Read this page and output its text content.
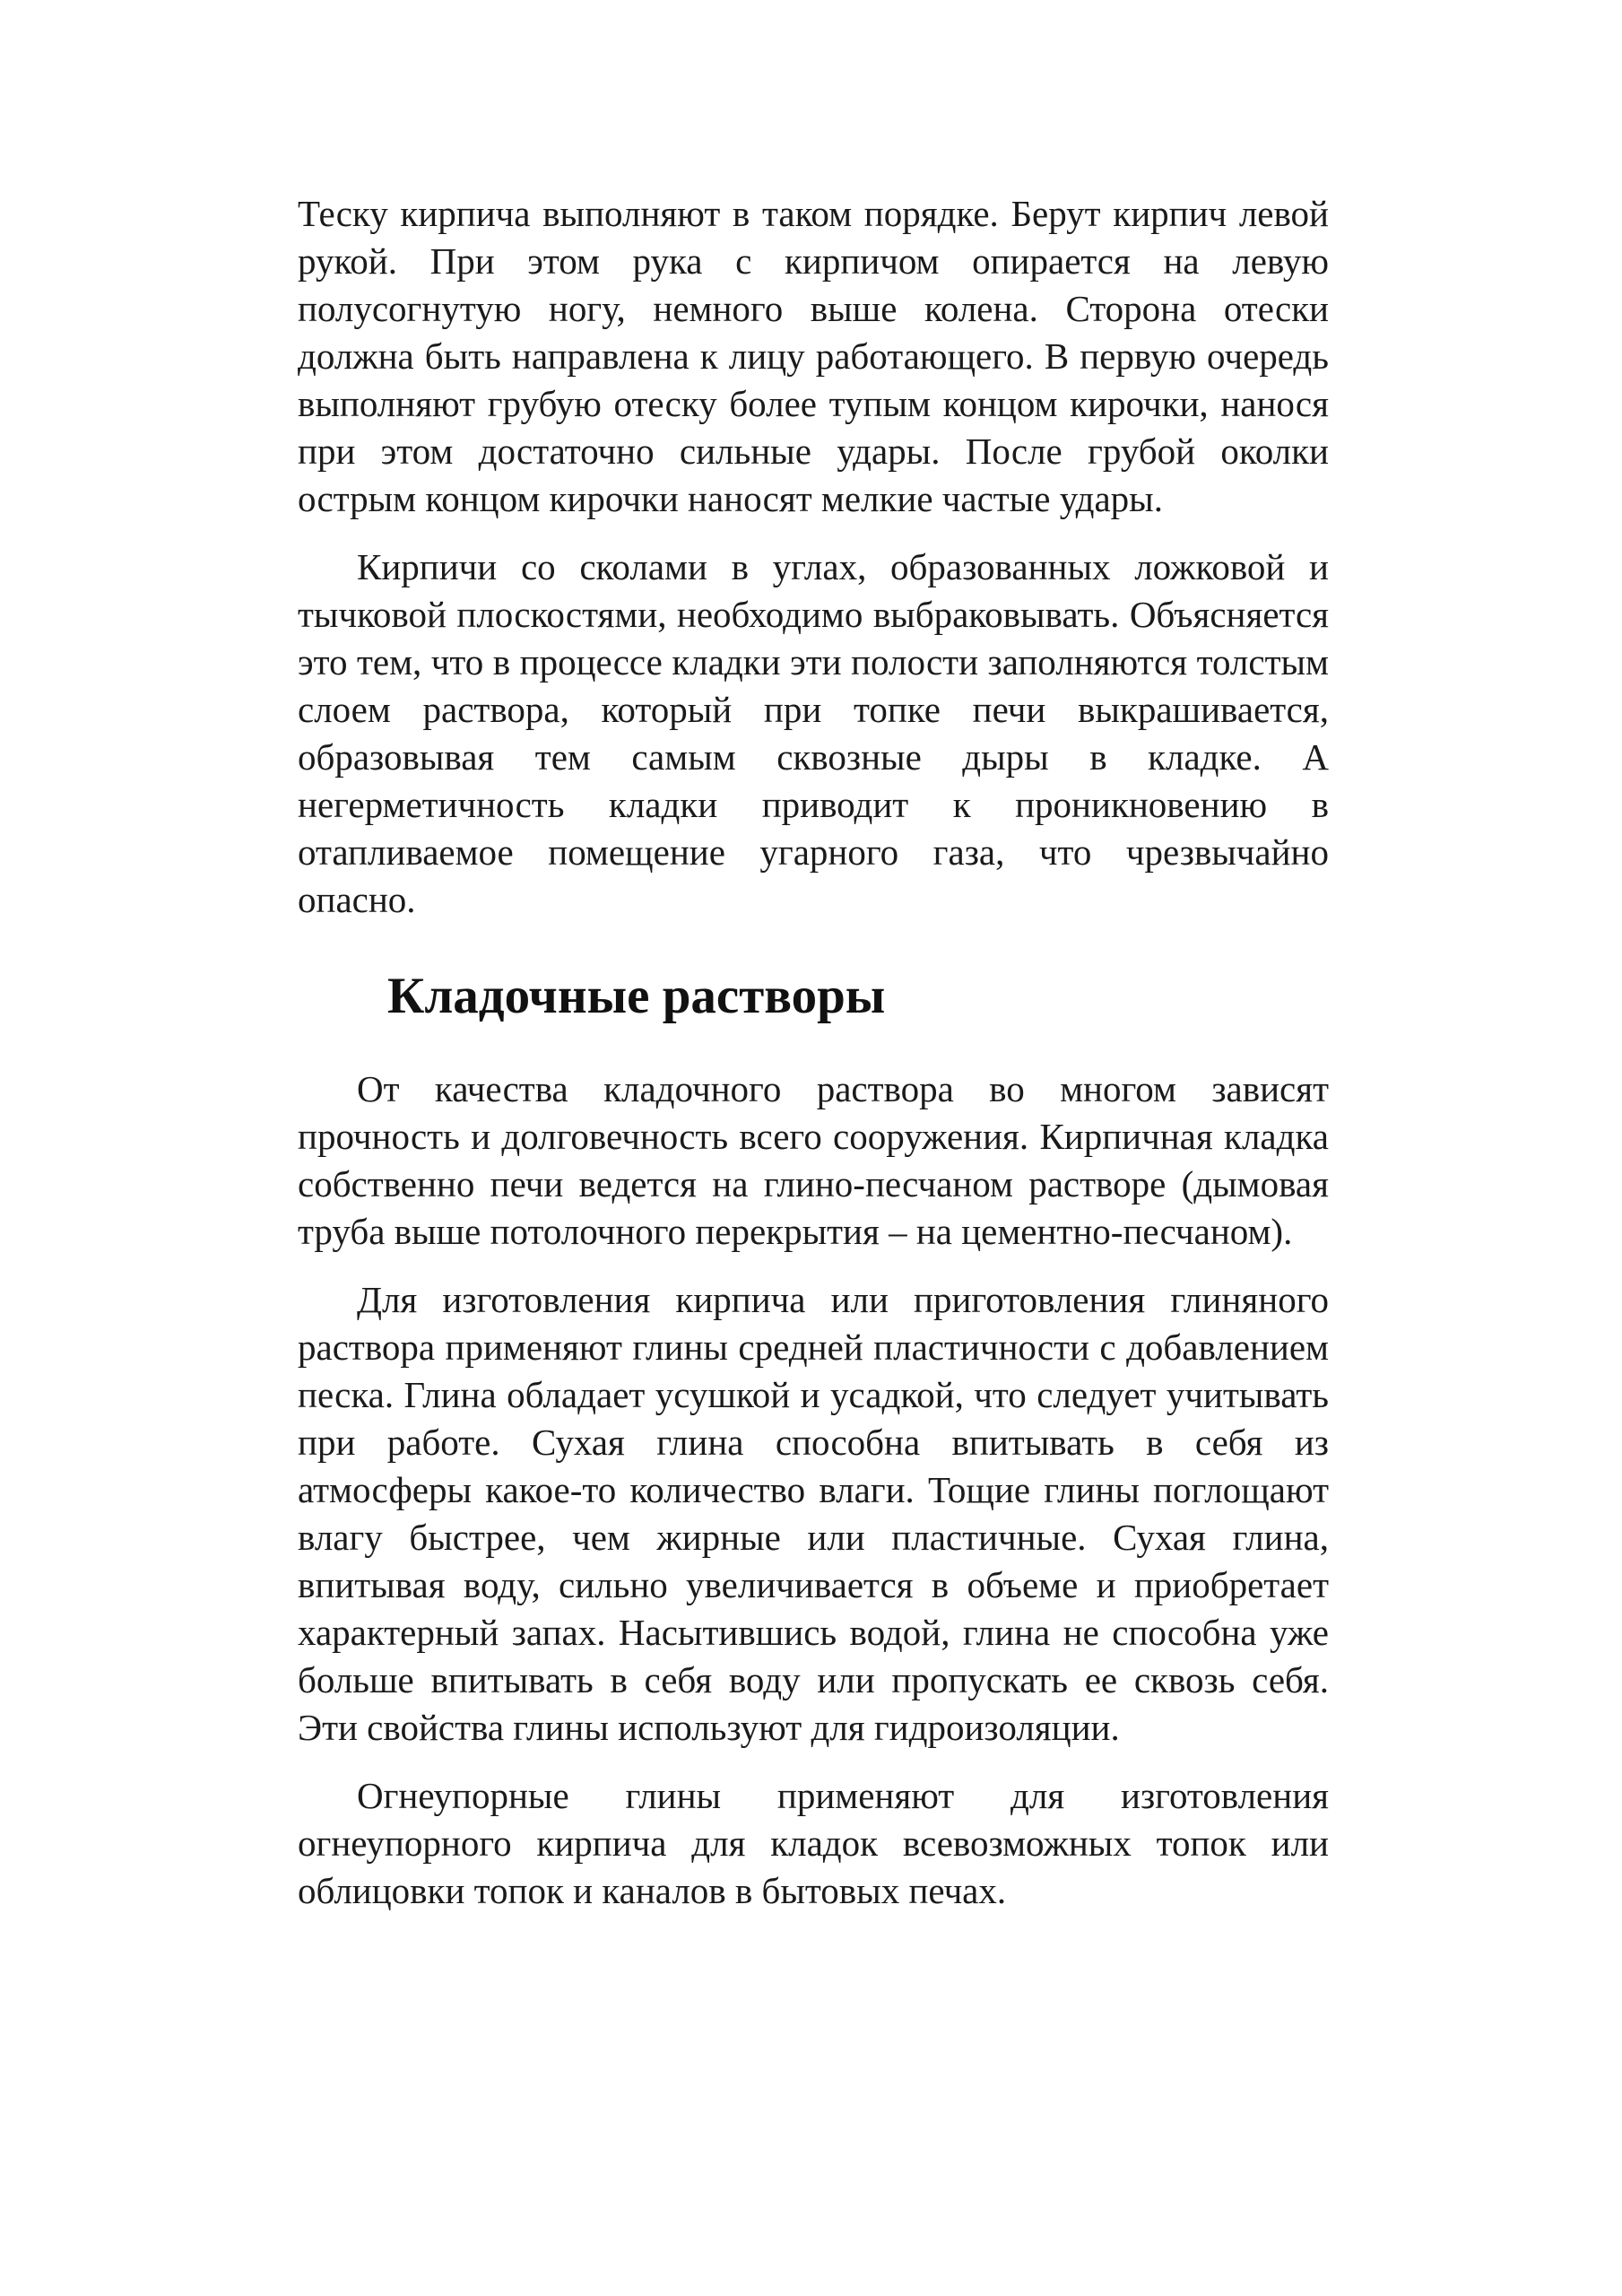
Теску кирпича выполняют в таком порядке. Берут кирпич левой рукой. При этом рука с кирпичом опирается на левую полусогнутую ногу, немного выше колена. Сторона отески должна быть направлена к лицу работающего. В первую очередь выполняют грубую отеску более тупым концом кирочки, нанося при этом достаточно сильные удары. После грубой околки острым концом кирочки наносят мелкие частые удары.

Кирпичи со сколами в углах, образованных ложковой и тычковой плоскостями, необходимо выбраковывать. Объясняется это тем, что в процессе кладки эти полости заполняются толстым слоем раствора, который при топке печи выкрашивается, образовывая тем самым сквозные дыры в кладке. А негерметичность кладки приводит к проникновению в отапливаемое помещение угарного газа, что чрезвычайно опасно.

Кладочные растворы

От качества кладочного раствора во многом зависят прочность и долговечность всего сооружения. Кирпичная кладка собственно печи ведется на глино-песчаном растворе (дымовая труба выше потолочного перекрытия – на цементно-песчаном).

Для изготовления кирпича или приготовления глиняного раствора применяют глины средней пластичности с добавлением песка. Глина обладает усушкой и усадкой, что следует учитывать при работе. Сухая глина способна впитывать в себя из атмосферы какое-то количество влаги. Тощие глины поглощают влагу быстрее, чем жирные или пластичные. Сухая глина, впитывая воду, сильно увеличивается в объеме и приобретает характерный запах. Насытившись водой, глина не способна уже больше впитывать в себя воду или пропускать ее сквозь себя. Эти свойства глины используют для гидроизоляции.

Огнеупорные глины применяют для изготовления огнеупорного кирпича для кладок всевозможных топок или облицовки топок и каналов в бытовых печах.
